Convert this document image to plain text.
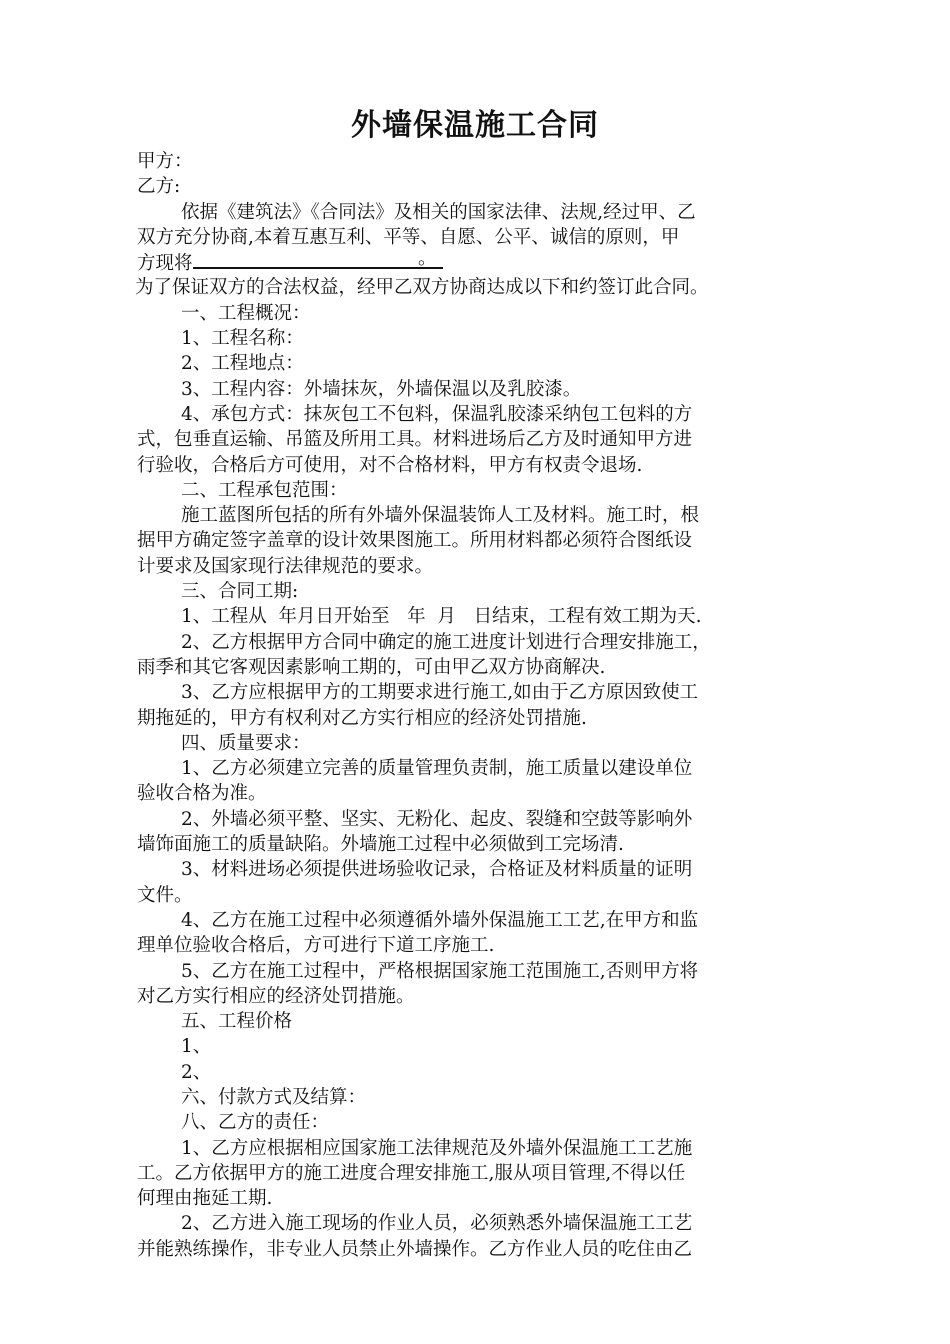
外墙保温施工合同
甲方：
乙方:
依据《建筑法》《合同法》及相关的国家法律、法规,经过甲、乙
双方充分协商,本着互惠互利、平等、自愿、公平、诚信的原则，甲
方现将	。
为了保证双方的合法权益，经甲乙双方协商达成以下和约签订此合同。
一、工程概况：
1、工程名称：
2、工程地点：
3、工程内容：外墙抹灰，外墙保温以及乳胶漆。
4、承包方式：抹灰包工不包料，保温乳胶漆采纳包工包料的方
式，包垂直运输、吊篮及所用工具。材料进场后乙方及时通知甲方进
行验收，合格后方可使用，对不合格材料，甲方有权责令退场.
二、工程承包范围：
施工蓝图所包括的所有外墙外保温装饰人工及材料。施工时，根
据甲方确定签字盖章的设计效果图施工。所用材料都必须符合图纸设
计要求及国家现行法律规范的要求。
三、合同工期:
1、工程从  年月日开始至   年  月   日结束，工程有效工期为天.
2、乙方根据甲方合同中确定的施工进度计划进行合理安排施工，
雨季和其它客观因素影响工期的，可由甲乙双方协商解决.
3、乙方应根据甲方的工期要求进行施工,如由于乙方原因致使工
期拖延的，甲方有权利对乙方实行相应的经济处罚措施.
四、质量要求：
1、乙方必须建立完善的质量管理负责制，施工质量以建设单位
验收合格为准。
2、外墙必须平整、坚实、无粉化、起皮、裂缝和空鼓等影响外
墙饰面施工的质量缺陷。外墙施工过程中必须做到工完场清.
3、材料进场必须提供进场验收记录，合格证及材料质量的证明
文件。
4、乙方在施工过程中必须遵循外墙外保温施工工艺,在甲方和监
理单位验收合格后，方可进行下道工序施工.
5、乙方在施工过程中，严格根据国家施工范围施工,否则甲方将
对乙方实行相应的经济处罚措施。
五、工程价格
1、
2、
六、付款方式及结算：
八、乙方的责任：
1、乙方应根据相应国家施工法律规范及外墙外保温施工工艺施
工。乙方依据甲方的施工进度合理安排施工,服从项目管理,不得以任
何理由拖延工期.
2、乙方进入施工现场的作业人员，必须熟悉外墙保温施工工艺
并能熟练操作，非专业人员禁止外墙操作。乙方作业人员的吃住由乙
